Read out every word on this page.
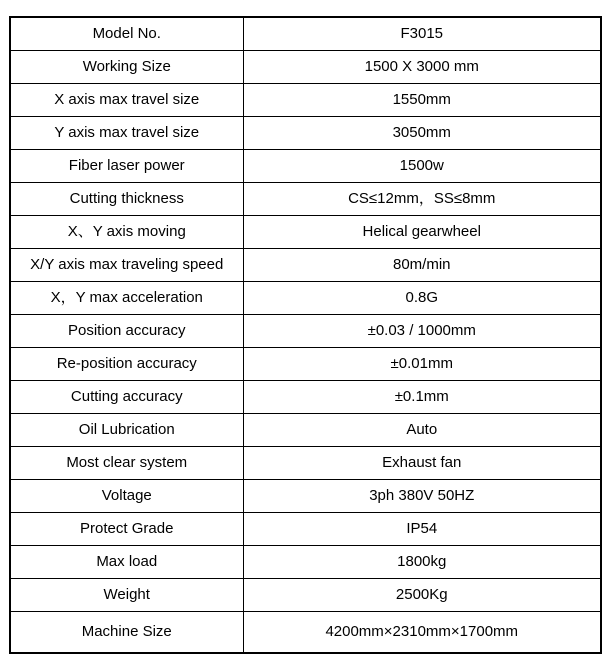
Model No.	F3015
Working Size	1500 X 3000 mm
X axis max travel size	1550mm
Y axis max travel size	3050mm
Fiber laser power	1500w
Cutting thickness	CS≤12mm，SS≤8mm
X、Y axis moving	Helical gearwheel
X/Y axis max traveling speed	80m/min
X，Y max acceleration	0.8G
Position accuracy	±0.03 / 1000mm
Re-position accuracy	±0.01mm
Cutting accuracy	±0.1mm
Oil Lubrication	Auto
Most clear system	Exhaust fan
Voltage	3ph 380V 50HZ
Protect Grade	IP54
Max load	1800kg
Weight	2500Kg
Machine Size	4200mm×2310mm×1700mm
